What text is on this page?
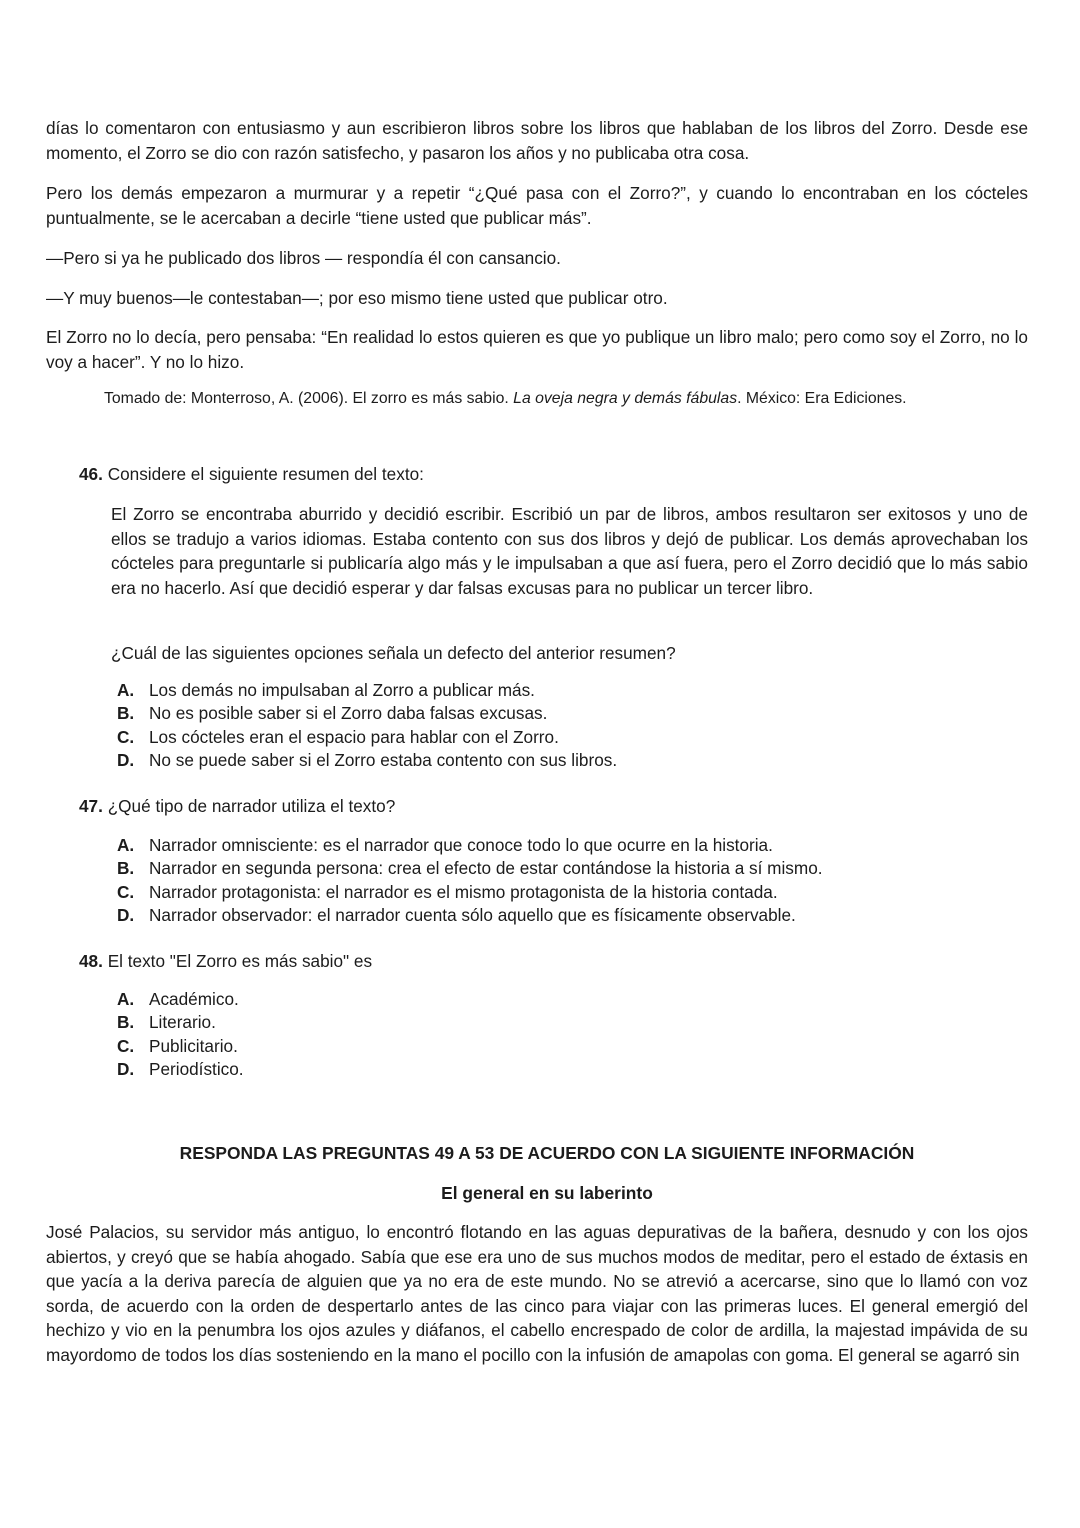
días lo comentaron con entusiasmo y aun escribieron libros sobre los libros que hablaban de los libros del Zorro. Desde ese momento, el Zorro se dio con razón satisfecho, y pasaron los años y no publicaba otra cosa.

Pero los demás empezaron a murmurar y a repetir “¿Qué pasa con el Zorro?”, y cuando lo encontraban en los cócteles puntualmente, se le acercaban a decirle “tiene usted que publicar más”.

—Pero si ya he publicado dos libros — respondía él con cansancio.

—Y muy buenos—le contestaban—; por eso mismo tiene usted que publicar otro.

El Zorro no lo decía, pero pensaba: “En realidad lo estos quieren es que yo publique un libro malo; pero como soy el Zorro, no lo voy a hacer”. Y no lo hizo.

Tomado de: Monterroso, A. (2006). El zorro es más sabio. La oveja negra y demás fábulas. México: Era Ediciones.

46. Considere el siguiente resumen del texto:

El Zorro se encontraba aburrido y decidió escribir. Escribió un par de libros, ambos resultaron ser exitosos y uno de ellos se tradujo a varios idiomas. Estaba contento con sus dos libros y dejó de publicar. Los demás aprovechaban los cócteles para preguntarle si publicaría algo más y le impulsaban a que así fuera, pero el Zorro decidió que lo más sabio era no hacerlo. Así que decidió esperar y dar falsas excusas para no publicar un tercer libro.

¿Cuál de las siguientes opciones señala un defecto del anterior resumen?

A. Los demás no impulsaban al Zorro a publicar más.
B. No es posible saber si el Zorro daba falsas excusas.
C. Los cócteles eran el espacio para hablar con el Zorro.
D. No se puede saber si el Zorro estaba contento con sus libros.
47. ¿Qué tipo de narrador utiliza el texto?
A. Narrador omnisciente: es el narrador que conoce todo lo que ocurre en la historia.
B. Narrador en segunda persona: crea el efecto de estar contándose la historia a sí mismo.
C. Narrador protagonista: el narrador es el mismo protagonista de la historia contada.
D. Narrador observador: el narrador cuenta sólo aquello que es físicamente observable.
48. El texto "El Zorro es más sabio" es
A. Académico.
B. Literario.
C. Publicitario.
D. Periodístico.
RESPONDA LAS PREGUNTAS 49 A 53 DE ACUERDO CON LA SIGUIENTE INFORMACIÓN
El general en su laberinto

José Palacios, su servidor más antiguo, lo encontró flotando en las aguas depurativas de la bañera, desnudo y con los ojos abiertos, y creyó que se había ahogado. Sabía que ese era uno de sus muchos modos de meditar, pero el estado de éxtasis en que yacía a la deriva parecía de alguien que ya no era de este mundo. No se atrevió a acercarse, sino que lo llamó con voz sorda, de acuerdo con la orden de despertarlo antes de las cinco para viajar con las primeras luces. El general emergió del hechizo y vio en la penumbra los ojos azules y diáfanos, el cabello encrespado de color de ardilla, la majestad impávida de su mayordomo de todos los días sosteniendo en la mano el pocillo con la infusión de amapolas con goma. El general se agarró sin
